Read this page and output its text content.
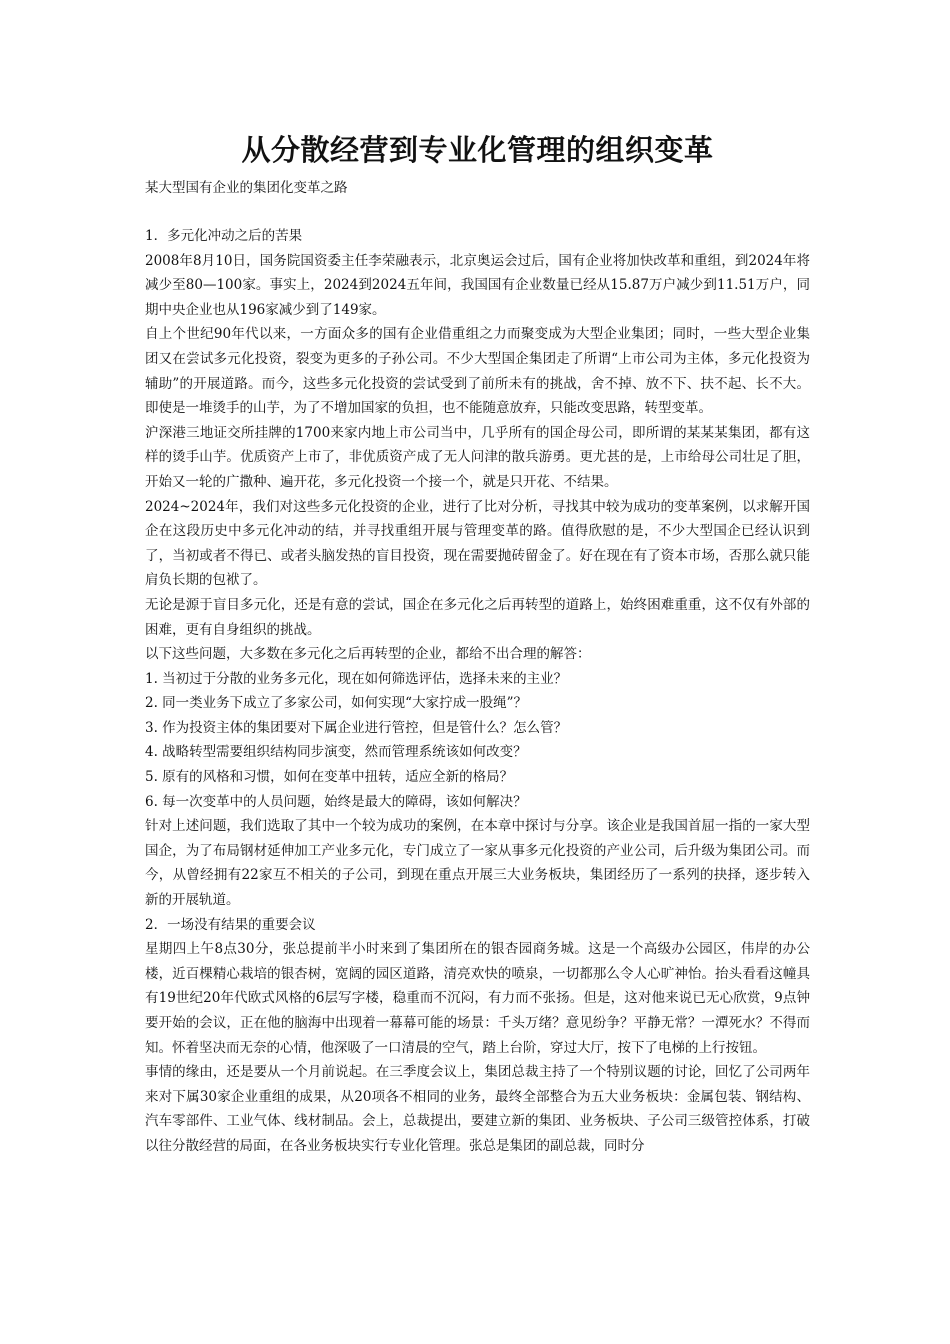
从分散经营到专业化管理的组织变革

某大型国有企业的集团化变革之路

1．多元化冲动之后的苦果

2008年8月10日，国务院国资委主任李荣融表示，北京奥运会过后，国有企业将加快改革和重组，到2024年将减少至80—100家。事实上，2024到2024五年间，我国国有企业数量已经从15.87万户减少到11.51万户，同期中央企业也从196家减少到了149家。

自上个世纪90年代以来，一方面众多的国有企业借重组之力而聚变成为大型企业集团；同时，一些大型企业集团又在尝试多元化投资，裂变为更多的子孙公司。不少大型国企集团走了所谓“上市公司为主体，多元化投资为辅助”的开展道路。而今，这些多元化投资的尝试受到了前所未有的挑战，舍不掉、放不下、扶不起、长不大。即使是一堆烫手的山芋，为了不增加国家的负担，也不能随意放弃，只能改变思路，转型变革。

沪深港三地证交所挂牌的1700来家内地上市公司当中，几乎所有的国企母公司，即所谓的某某某集团，都有这样的烫手山芋。优质资产上市了，非优质资产成了无人问津的散兵游勇。更尤甚的是，上市给母公司壮足了胆，开始又一轮的广撒种、遍开花，多元化投资一个接一个，就是只开花、不结果。

2024~2024年，我们对这些多元化投资的企业，进行了比对分析，寻找其中较为成功的变革案例，以求解开国企在这段历史中多元化冲动的结，并寻找重组开展与管理变革的路。值得欣慰的是，不少大型国企已经认识到了，当初或者不得已、或者头脑发热的盲目投资，现在需要抛砖留金了。好在现在有了资本市场，否那么就只能肩负长期的包袱了。

无论是源于盲目多元化，还是有意的尝试，国企在多元化之后再转型的道路上，始终困难重重，这不仅有外部的困难，更有自身组织的挑战。

以下这些问题，大多数在多元化之后再转型的企业，都给不出合理的解答：

1. 当初过于分散的业务多元化，现在如何筛选评估，选择未来的主业？

2. 同一类业务下成立了多家公司，如何实现“大家拧成一股绳”？

3. 作为投资主体的集团要对下属企业进行管控，但是管什么？怎么管？

4. 战略转型需要组织结构同步演变，然而管理系统该如何改变？

5. 原有的风格和习惯，如何在变革中扭转，适应全新的格局？

6. 每一次变革中的人员问题，始终是最大的障碍，该如何解决？

针对上述问题，我们选取了其中一个较为成功的案例，在本章中探讨与分享。该企业是我国首屈一指的一家大型国企，为了布局钢材延伸加工产业多元化，专门成立了一家从事多元化投资的产业公司，后升级为集团公司。而今，从曾经拥有22家互不相关的子公司，到现在重点开展三大业务板块，集团经历了一系列的抉择，逐步转入新的开展轨道。

2．一场没有结果的重要会议

星期四上午8点30分，张总提前半小时来到了集团所在的银杏园商务城。这是一个高级办公园区，伟岸的办公楼，近百棵精心栽培的银杏树，宽阔的园区道路，清亮欢快的喷泉，一切都那么令人心旷神怡。抬头看看这幢具有19世纪20年代欧式风格的6层写字楼，稳重而不沉闷，有力而不张扬。但是，这对他来说已无心欣赏，9点钟要开始的会议，正在他的脑海中出现着一幕幕可能的场景：千头万绪？意见纷争？平静无常？一潭死水？不得而知。怀着坚决而无奈的心情，他深吸了一口清晨的空气，踏上台阶，穿过大厅，按下了电梯的上行按钮。

事情的缘由，还是要从一个月前说起。在三季度会议上，集团总裁主持了一个特别议题的讨论，回忆了公司两年来对下属30家企业重组的成果，从20项各不相同的业务，最终全部整合为五大业务板块：金属包装、钢结构、汽车零部件、工业气体、线材制品。会上，总裁提出，要建立新的集团、业务板块、子公司三级管控体系，打破以往分散经营的局面，在各业务板块实行专业化管理。张总是集团的副总裁，同时分
